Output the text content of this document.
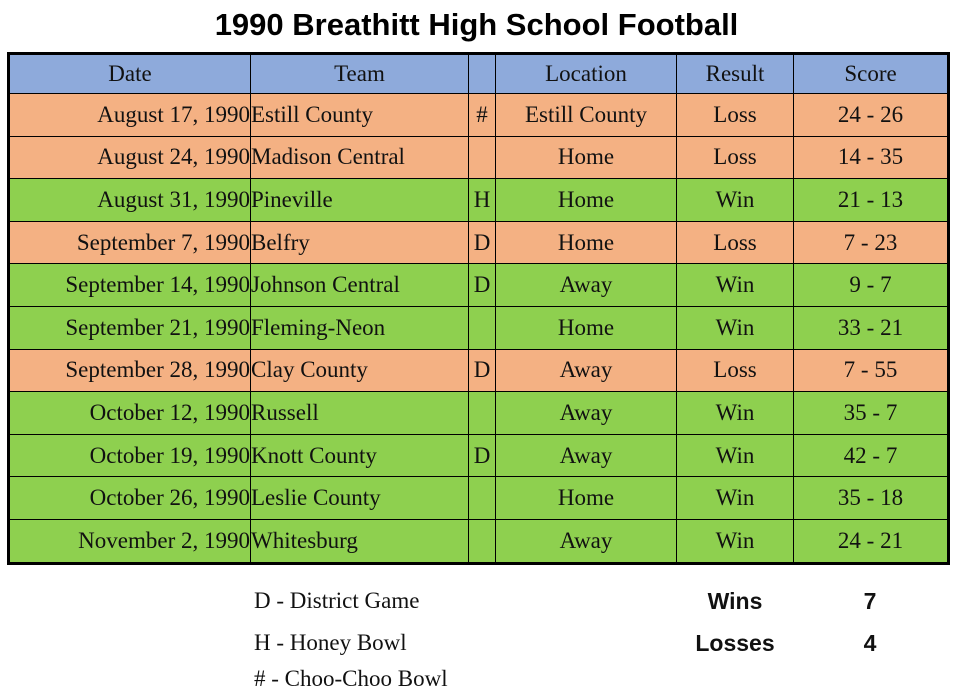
1990 Breathitt High School Football
Date	Team		Location	Result	Score
August 17, 1990	Estill County	#	Estill County	Loss	24 - 26
August 24, 1990	Madison Central		Home	Loss	14 - 35
August 31, 1990	Pineville	H	Home	Win	21 - 13
September 7, 1990	Belfry	D	Home	Loss	7 - 23
September 14, 1990	Johnson Central	D	Away	Win	9 - 7
September 21, 1990	Fleming-Neon		Home	Win	33 - 21
September 28, 1990	Clay County	D	Away	Loss	7 - 55
October 12, 1990	Russell		Away	Win	35 - 7
October 19, 1990	Knott County	D	Away	Win	42 - 7
October 26, 1990	Leslie County		Home	Win	35 - 18
November 2, 1990	Whitesburg		Away	Win	24 - 21
D - District Game
H - Honey Bowl
# - Choo-Choo Bowl
Wins	7
Losses	4
